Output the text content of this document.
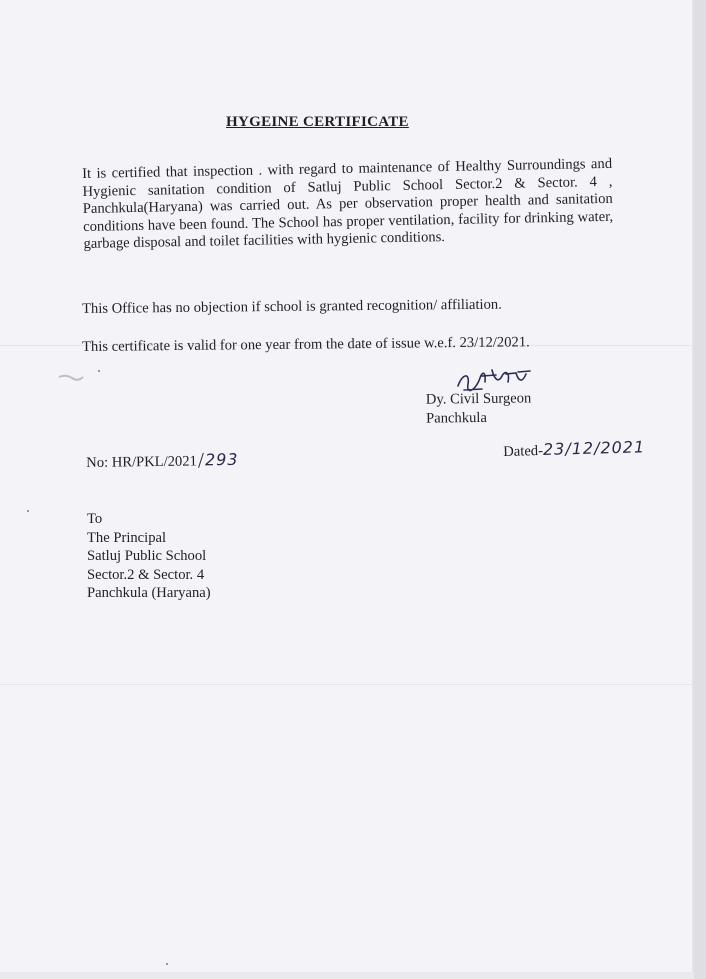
HYGEINE CERTIFICATE

It is certified that inspection . with regard to maintenance of Healthy Surroundings and Hygienic sanitation condition of Satluj Public School Sector.2 & Sector. 4 , Panchkula(Haryana) was carried out. As per observation proper health and sanitation conditions have been found. The School has proper ventilation, facility for drinking water, garbage disposal and toilet facilities with hygienic conditions.

This Office has no objection if school is granted recognition/ affiliation.

This certificate is valid for one year from the date of issue w.e.f. 23/12/2021.

Dy. Civil Surgeon
Panchkula
No: HR/PKL/2021/293	Dated-23/12/2021
To
The Principal
Satluj Public School
Sector.2 & Sector. 4
Panchkula (Haryana)
